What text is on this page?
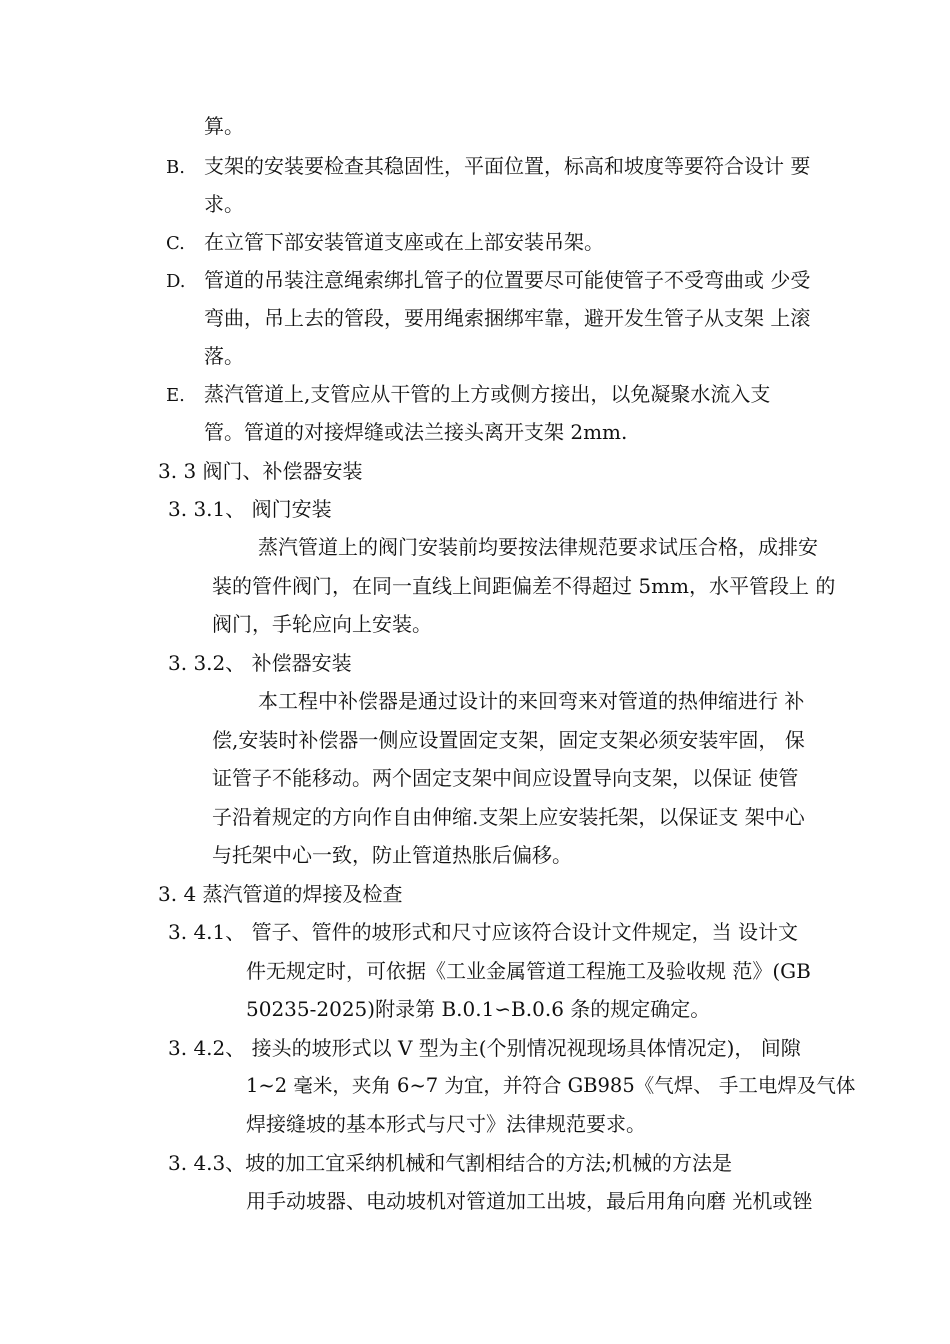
算。
B. 支架的安装要检查其稳固性，平面位置，标高和坡度等要符合设计 要
求。
C. 在立管下部安装管道支座或在上部安装吊架。
D. 管道的吊装注意绳索绑扎管子的位置要尽可能使管子不受弯曲或 少受
弯曲，吊上去的管段，要用绳索捆绑牢靠，避开发生管子从支架 上滚
落。
E. 蒸汽管道上,支管应从干管的上方或侧方接出，以免凝聚水流入支
管。管道的对接焊缝或法兰接头离开支架 2mm.
3. 3 阀门、补偿器安装
3. 3.1、 阀门安装
蒸汽管道上的阀门安装前均要按法律规范要求试压合格，成排安
装的管件阀门，在同一直线上间距偏差不得超过 5mm，水平管段上 的
阀门，手轮应向上安装。
3. 3.2、 补偿器安装
本工程中补偿器是通过设计的来回弯来对管道的热伸缩进行 补
偿,安装时补偿器一侧应设置固定支架，固定支架必须安装牢固， 保
证管子不能移动。两个固定支架中间应设置导向支架，以保证 使管
子沿着规定的方向作自由伸缩.支架上应安装托架，以保证支 架中心
与托架中心一致，防止管道热胀后偏移。
3. 4 蒸汽管道的焊接及检查
3. 4.1、 管子、管件的坡形式和尺寸应该符合设计文件规定，当 设计文
件无规定时，可依据《工业金属管道工程施工及验收规 范》(GB
50235-2025)附录第 B.0.1∽B.0.6 条的规定确定。
3. 4.2、 接头的坡形式以 V 型为主(个别情况视现场具体情况定)， 间隙
1~2 毫米，夹角 6~7 为宜，并符合 GB985《气焊、 手工电焊及气体
焊接缝坡的基本形式与尺寸》法律规范要求。
3. 4.3、坡的加工宜采纳机械和气割相结合的方法;机械的方法是
用手动坡器、电动坡机对管道加工出坡，最后用角向磨 光机或锉
